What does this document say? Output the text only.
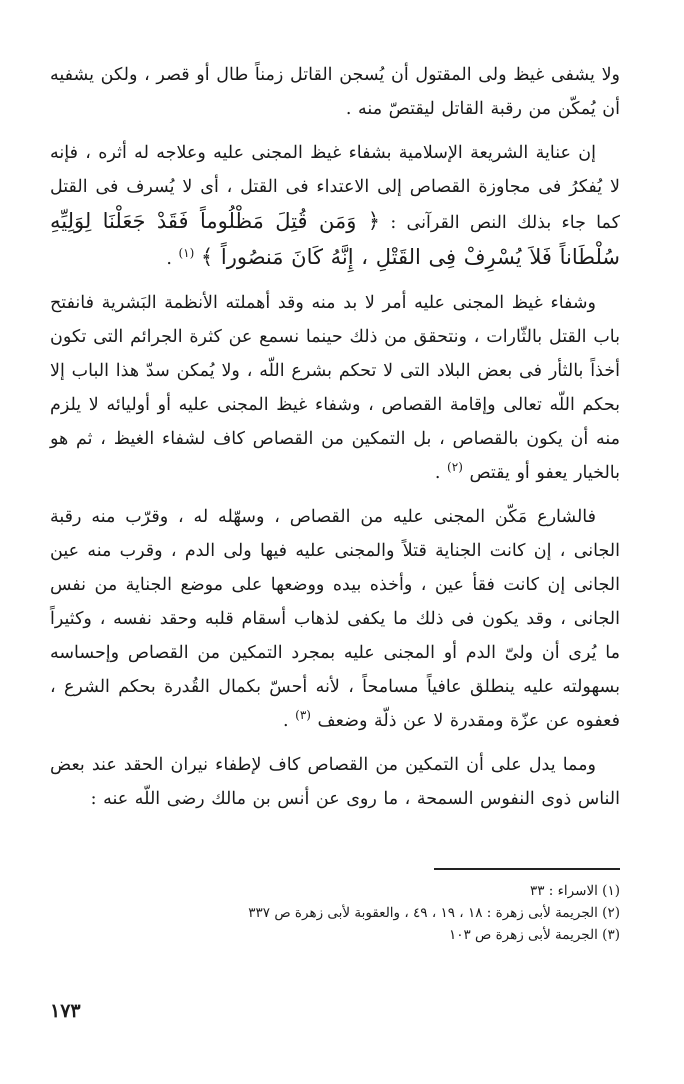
ولا يشفى غيظ ولى المقتول أن يُسجن القاتل زمناً طال أو قصر ، ولكن يشفيه أن يُمكّن من رقبة القاتل ليقتصّ منه .

إن عناية الشريعة الإسلامية بشفاء غيظ المجنى عليه وعلاجه له أثره ، فإنه لا يُفكرُ فى مجاوزة القصاص إلى الاعتداء فى القتل ، أى لا يُسرف فى القتل كما جاء بذلك النص القرآنى : ﴿ وَمَن قُتِلَ مَظْلُوماً فَقَدْ جَعَلْنَا لِوَلِيِّهِ سُلْطَاناً فَلاَ يُسْرِفْ فِى القَتْلِ ، إِنَّهُ كَانَ مَنصُوراً ﴾ $^{(١)}$ .

وشفاء غيظ المجنى عليه أمر لا بد منه وقد أهملته الأنظمة البَشرية فانفتح باب القتل بالثّارات ، ونتحقق من ذلك حينما نسمع عن كثرة الجرائم التى تكون أخذاً بالثأر فى بعض البلاد التى لا تحكم بشرع اللّه ، ولا يُمكن سدّ هذا الباب إلا بحكم اللّه تعالى وإقامة القصاص ، وشفاء غيظ المجنى عليه أو أوليائه لا يلزم منه أن يكون بالقصاص ، بل التمكين من القصاص كاف لشفاء الغيظ ، ثم هو بالخيار يعفو أو يقتص $^{(٢)}$ .

فالشارع مَكّن المجنى عليه من القصاص ، وسهّله له ، وقرّب منه رقبة الجانى ، إن كانت الجناية قتلاً والمجنى عليه فيها ولى الدم ، وقرب منه عين الجانى إن كانت فقأ عين ، وأخذه بيده ووضعها على موضع الجناية من نفس الجانى ، وقد يكون فى ذلك ما يكفى لذهاب أسقام قلبه وحقد نفسه ، وكثيراً ما يُرى أن ولىّ الدم أو المجنى عليه بمجرد التمكين من القصاص وإحساسه بسهولته عليه ينطلق عافياً مسامحاً ، لأنه أحسّ بكمال القُدرة بحكم الشرع ، فعفوه عن عزّة ومقدرة لا عن ذلّة وضعف $^{(٣)}$ .

ومما يدل على أن التمكين من القصاص كاف لإطفاء نيران الحقد عند بعض الناس ذوى النفوس السمحة ، ما روى عن أنس بن مالك رضى اللّه عنه :

(١) الاسراء : ٣٣

(٢) الجريمة لأبى زهرة : ١٨ ، ١٩ ، ٤٩ ، والعقوبة لأبى زهرة ص ٣٣٧

(٣) الجريمة لأبى زهرة ص ١٠٣

١٧٣
